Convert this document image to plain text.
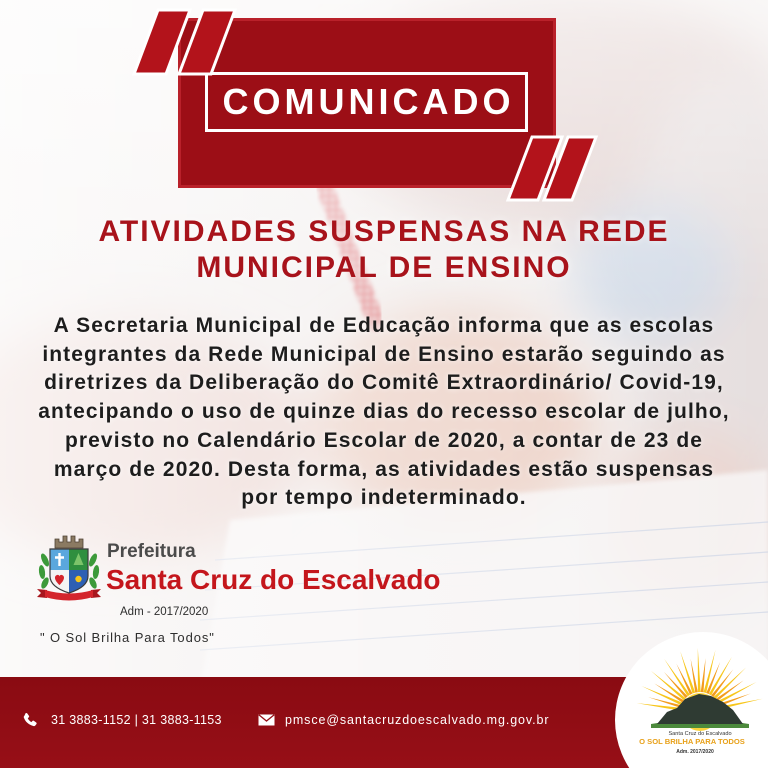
COMUNICADO
ATIVIDADES SUSPENSAS NA REDE
MUNICIPAL DE ENSINO
A Secretaria Municipal de Educação informa que as escolas
integrantes da Rede Municipal de Ensino estarão seguindo as
diretrizes da Deliberação do Comitê Extraordinário/ Covid-19,
antecipando o uso de quinze dias do recesso escolar de julho,
previsto no Calendário Escolar de 2020, a contar de 23 de
março de 2020. Desta forma, as atividades estão suspensas
por tempo indeterminado.
Prefeitura
Santa Cruz do Escalvado
Adm - 2017/2020
" O Sol Brilha Para Todos"
31 3883-1152 | 31 3883-1153	pmsce@santacruzdoescalvado.mg.gov.br
Santa Cruz do Escalvado
O SOL BRILHA PARA TODOS
Adm. 2017/2020
